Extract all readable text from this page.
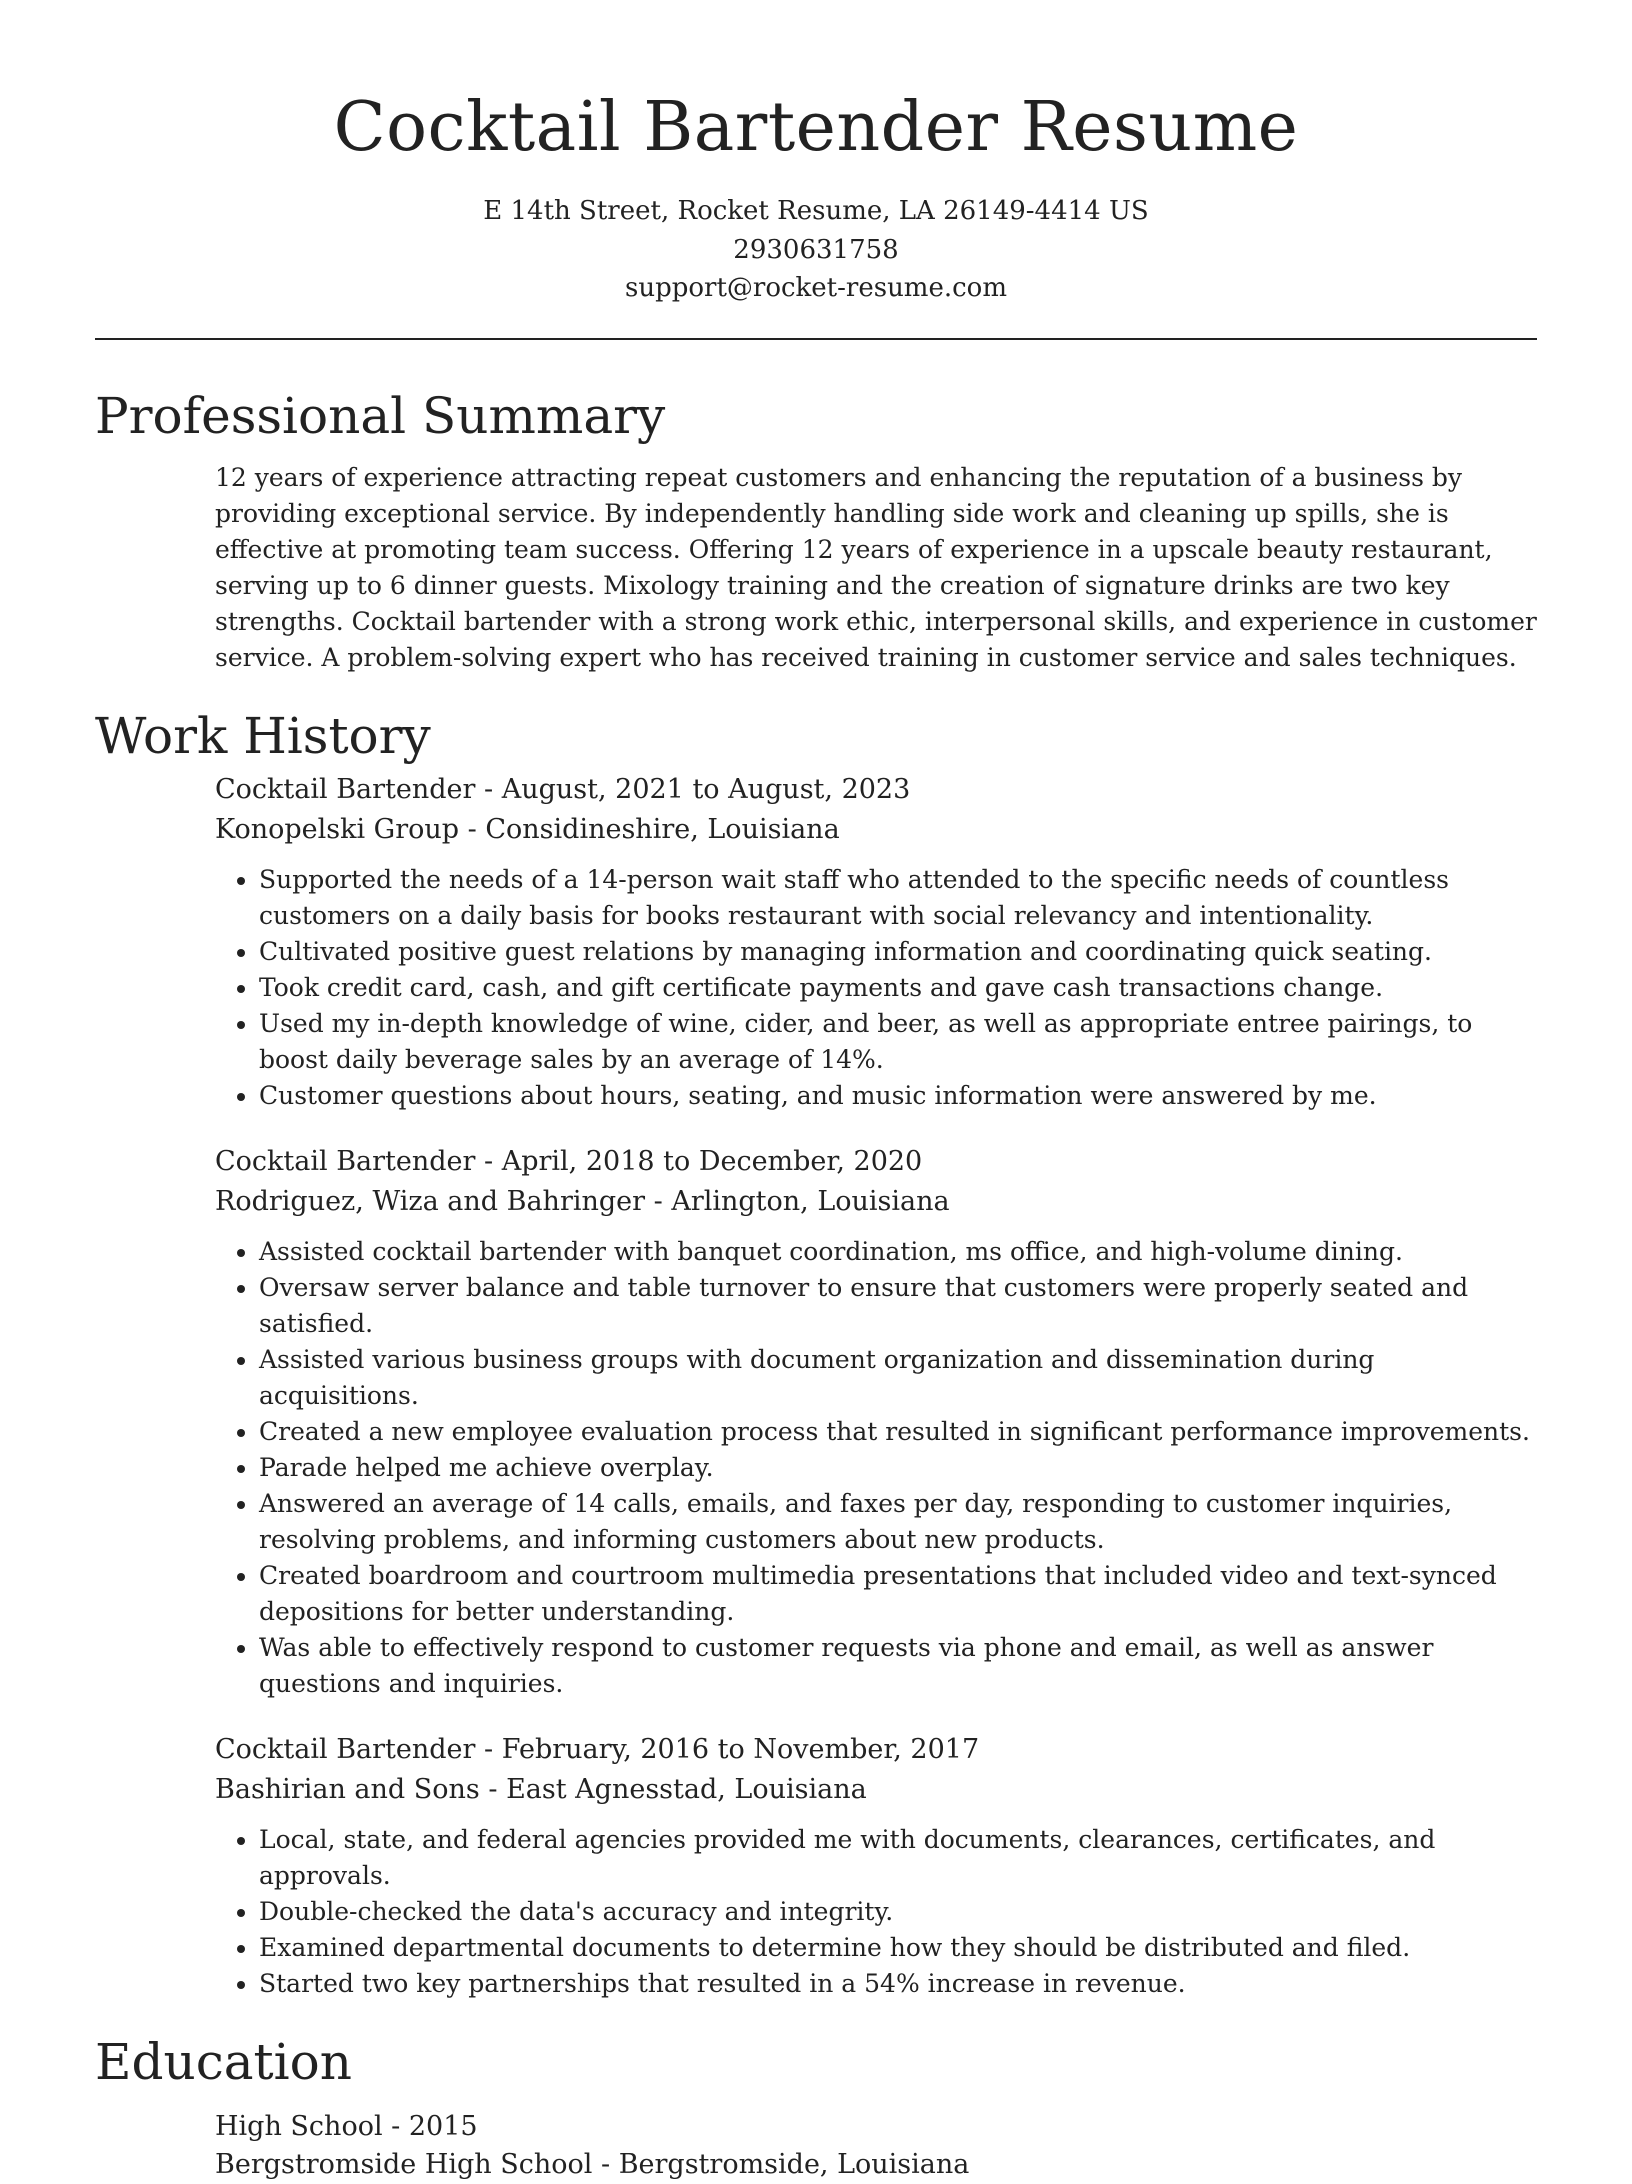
Cocktail Bartender Resume
E 14th Street, Rocket Resume, LA 26149-4414 US
2930631758
support@rocket-resume.com
Professional Summary

12 years of experience attracting repeat customers and enhancing the reputation of a business by providing exceptional service. By independently handling side work and cleaning up spills, she is effective at promoting team success. Offering 12 years of experience in a upscale beauty restaurant, serving up to 6 dinner guests. Mixology training and the creation of signature drinks are two key strengths. Cocktail bartender with a strong work ethic, interpersonal skills, and experience in customer service. A problem-solving expert who has received training in customer service and sales techniques.

Work History
Cocktail Bartender - August, 2021 to August, 2023
Konopelski Group - Considineshire, Louisiana
• Supported the needs of a 14-person wait staff who attended to the specific needs of countless customers on a daily basis for books restaurant with social relevancy and intentionality.
• Cultivated positive guest relations by managing information and coordinating quick seating.
• Took credit card, cash, and gift certificate payments and gave cash transactions change.
• Used my in-depth knowledge of wine, cider, and beer, as well as appropriate entree pairings, to boost daily beverage sales by an average of 14%.
• Customer questions about hours, seating, and music information were answered by me.
Cocktail Bartender - April, 2018 to December, 2020
Rodriguez, Wiza and Bahringer - Arlington, Louisiana
• Assisted cocktail bartender with banquet coordination, ms office, and high-volume dining.
• Oversaw server balance and table turnover to ensure that customers were properly seated and satisfied.
• Assisted various business groups with document organization and dissemination during acquisitions.
• Created a new employee evaluation process that resulted in significant performance improvements.
• Parade helped me achieve overplay.
• Answered an average of 14 calls, emails, and faxes per day, responding to customer inquiries, resolving problems, and informing customers about new products.
• Created boardroom and courtroom multimedia presentations that included video and text-synced depositions for better understanding.
• Was able to effectively respond to customer requests via phone and email, as well as answer questions and inquiries.
Cocktail Bartender - February, 2016 to November, 2017
Bashirian and Sons - East Agnesstad, Louisiana
• Local, state, and federal agencies provided me with documents, clearances, certificates, and approvals.
• Double-checked the data's accuracy and integrity.
• Examined departmental documents to determine how they should be distributed and filed.
• Started two key partnerships that resulted in a 54% increase in revenue.
Education
High School - 2015
Bergstromside High School - Bergstromside, Louisiana
